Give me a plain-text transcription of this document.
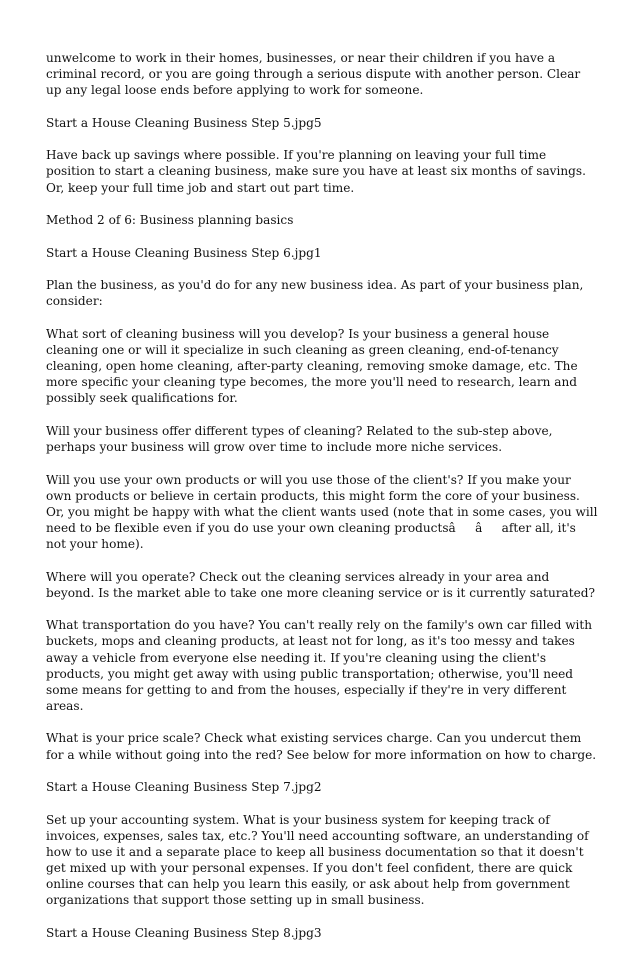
unwelcome to work in their homes, businesses, or near their children if you have a criminal record, or you are going through a serious dispute with another person. Clear up any legal loose ends before applying to work for someone.

Start a House Cleaning Business Step 5.jpg5

Have back up savings where possible. If you're planning on leaving your full time position to start a cleaning business, make sure you have at least six months of savings. Or, keep your full time job and start out part time.

Method 2 of 6: Business planning basics

Start a House Cleaning Business Step 6.jpg1

Plan the business, as you'd do for any new business idea. As part of your business plan, consider:

What sort of cleaning business will you develop? Is your business a general house cleaning one or will it specialize in such cleaning as green cleaning, end-of-tenancy cleaning, open home cleaning, after-party cleaning, removing smoke damage, etc. The more specific your cleaning type becomes, the more you'll need to research, learn and possibly seek qualifications for.

Will your business offer different types of cleaning? Related to the sub-step above, perhaps your business will grow over time to include more niche services.

Will you use your own products or will you use those of the client's? If you make your own products or believe in certain products, this might form the core of your business. Or, you might be happy with what the client wants used (note that in some cases, you will need to be flexible even if you do use your own cleaning productsââafter all, it's not your home).

Where will you operate? Check out the cleaning services already in your area and beyond. Is the market able to take one more cleaning service or is it currently saturated?

What transportation do you have? You can't really rely on the family's own car filled with buckets, mops and cleaning products, at least not for long, as it's too messy and takes away a vehicle from everyone else needing it. If you're cleaning using the client's products, you might get away with using public transportation; otherwise, you'll need some means for getting to and from the houses, especially if they're in very different areas.

What is your price scale? Check what existing services charge. Can you undercut them for a while without going into the red? See below for more information on how to charge.

Start a House Cleaning Business Step 7.jpg2

Set up your accounting system. What is your business system for keeping track of invoices, expenses, sales tax, etc.? You'll need accounting software, an understanding of how to use it and a separate place to keep all business documentation so that it doesn't get mixed up with your personal expenses. If you don't feel confident, there are quick online courses that can help you learn this easily, or ask about help from government organizations that support those setting up in small business.

Start a House Cleaning Business Step 8.jpg3
